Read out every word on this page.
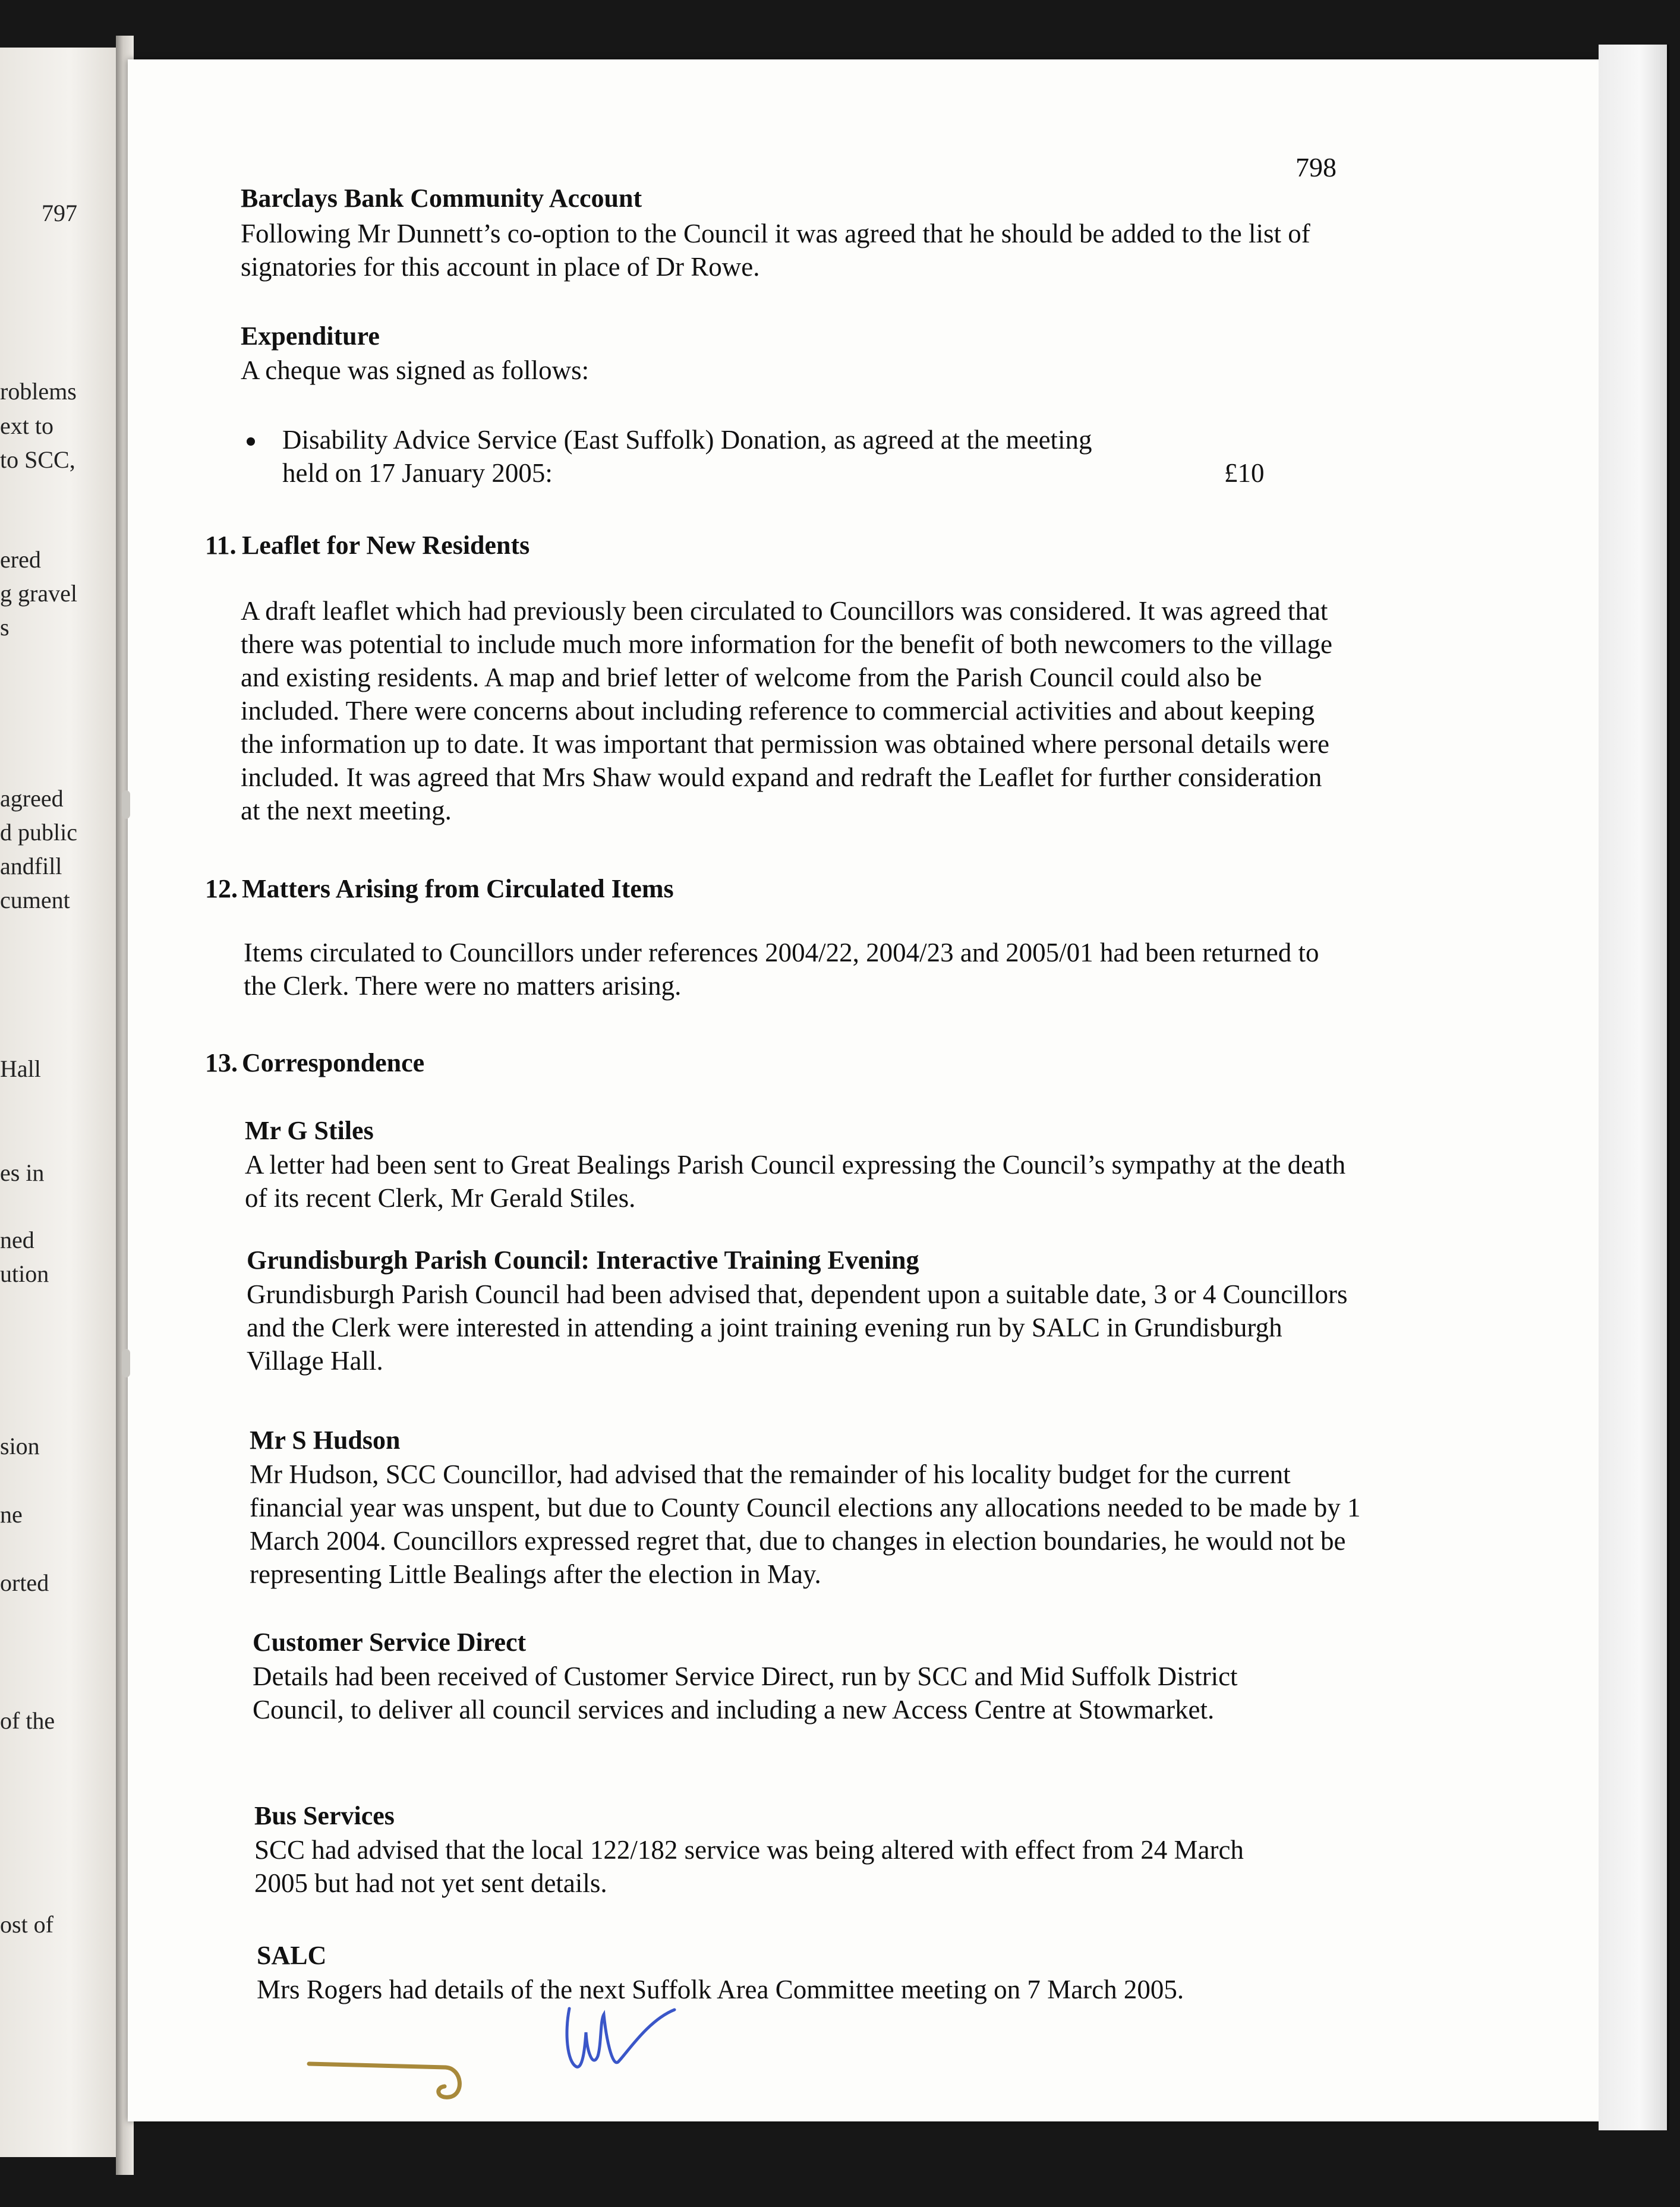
797
roblems
ext to
to SCC,
ered
g gravel
s
agreed
d public
andfill
cument
Hall
es in
ned
ution
sion
ne
orted
of the
ost of
798
Barclays Bank Community Account
Following Mr Dunnett’s co-option to the Council it was agreed that he should be added to the list of signatories for this account in place of Dr Rowe.
Expenditure
A cheque was signed as follows:
Disability Advice Service (East Suffolk) Donation, as agreed at the meeting held on 17 January 2005:	£10
11. Leaflet for New Residents
A draft leaflet which had previously been circulated to Councillors was considered. It was agreed that there was potential to include much more information for the benefit of both newcomers to the village and existing residents. A map and brief letter of welcome from the Parish Council could also be included. There were concerns about including reference to commercial activities and about keeping the information up to date. It was important that permission was obtained where personal details were included. It was agreed that Mrs Shaw would expand and redraft the Leaflet for further consideration at the next meeting.
12. Matters Arising from Circulated Items
Items circulated to Councillors under references 2004/22, 2004/23 and 2005/01 had been returned to the Clerk. There were no matters arising.
13. Correspondence
Mr G Stiles
A letter had been sent to Great Bealings Parish Council expressing the Council’s sympathy at the death of its recent Clerk, Mr Gerald Stiles.
Grundisburgh Parish Council: Interactive Training Evening
Grundisburgh Parish Council had been advised that, dependent upon a suitable date, 3 or 4 Councillors and the Clerk were interested in attending a joint training evening run by SALC in Grundisburgh Village Hall.
Mr S Hudson
Mr Hudson, SCC Councillor, had advised that the remainder of his locality budget for the current financial year was unspent, but due to County Council elections any allocations needed to be made by 1 March 2004. Councillors expressed regret that, due to changes in election boundaries, he would not be representing Little Bealings after the election in May.
Customer Service Direct
Details had been received of Customer Service Direct, run by SCC and Mid Suffolk District Council, to deliver all council services and including a new Access Centre at Stowmarket.
Bus Services
SCC had advised that the local 122/182 service was being altered with effect from 24 March 2005 but had not yet sent details.
SALC
Mrs Rogers had details of the next Suffolk Area Committee meeting on 7 March 2005.
